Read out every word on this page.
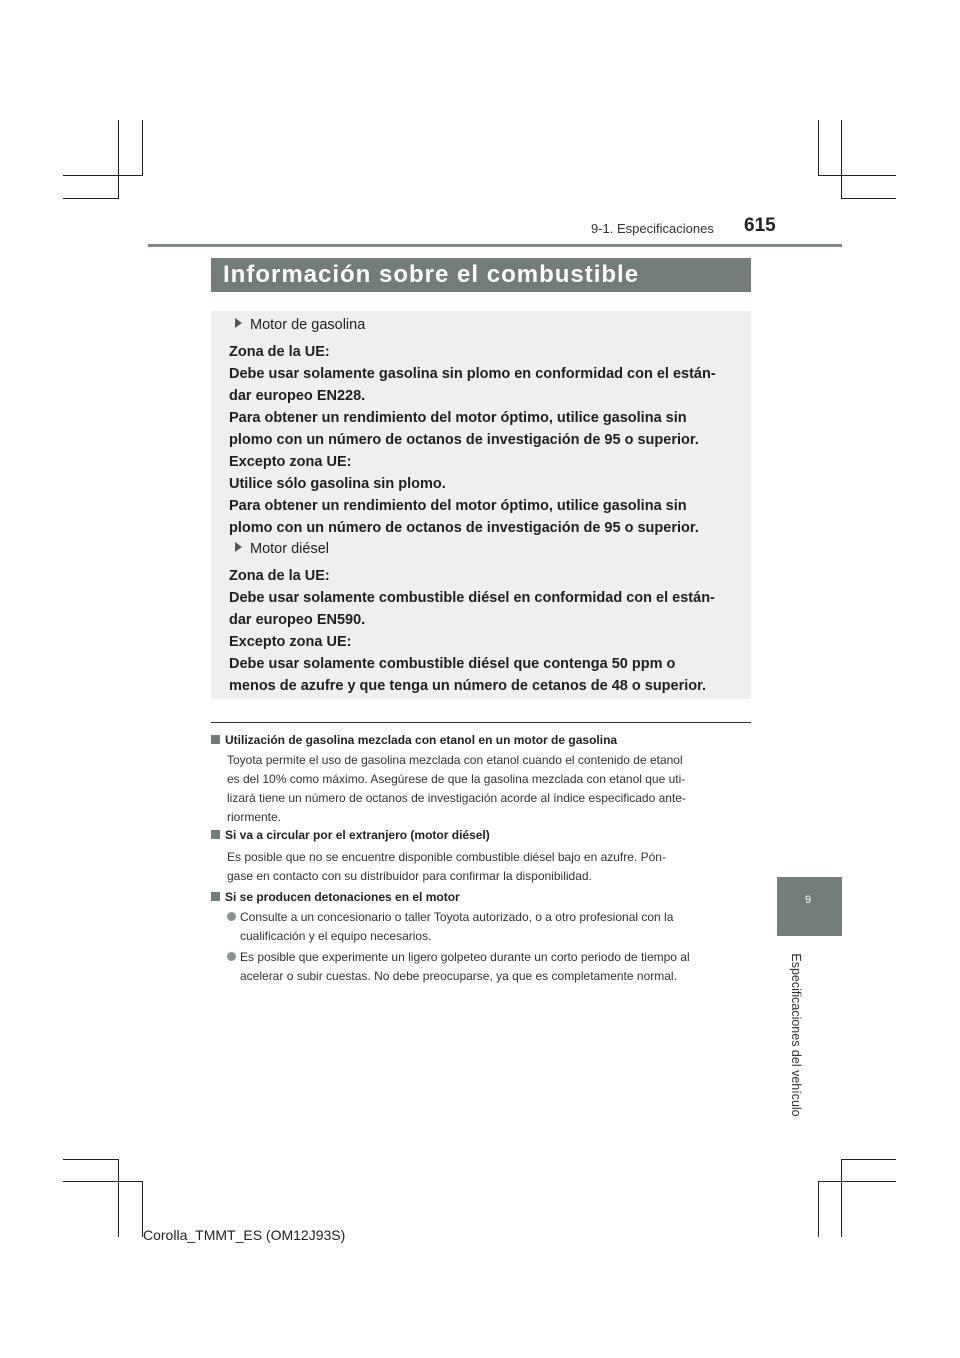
9-1. Especificaciones 615
Información sobre el combustible
Motor de gasolina
Zona de la UE:
Debe usar solamente gasolina sin plomo en conformidad con el están-
dar europeo EN228.
Para obtener un rendimiento del motor óptimo, utilice gasolina sin
plomo con un número de octanos de investigación de 95 o superior.
Excepto zona UE:
Utilice sólo gasolina sin plomo.
Para obtener un rendimiento del motor óptimo, utilice gasolina sin
plomo con un número de octanos de investigación de 95 o superior.
Motor diésel
Zona de la UE:
Debe usar solamente combustible diésel en conformidad con el están-
dar europeo EN590.
Excepto zona UE:
Debe usar solamente combustible diésel que contenga 50 ppm o
menos de azufre y que tenga un número de cetanos de 48 o superior.
Utilización de gasolina mezclada con etanol en un motor de gasolina
Toyota permite el uso de gasolina mezclada con etanol cuando el contenido de etanol
es del 10% como máximo. Asegúrese de que la gasolina mezclada con etanol que uti-
lizará tiene un número de octanos de investigación acorde al índice especificado ante-
riormente.
Si va a circular por el extranjero (motor diésel)
Es posible que no se encuentre disponible combustible diésel bajo en azufre. Pón-
gase en contacto con su distribuidor para confirmar la disponibilidad.
Si se producen detonaciones en el motor
Consulte a un concesionario o taller Toyota autorizado, o a otro profesional con la
cualificación y el equipo necesarios.
Es posible que experimente un ligero golpeteo durante un corto periodo de tiempo al
acelerar o subir cuestas. No debe preocuparse, ya que es completamente normal.
9
Especificaciones del vehículo
Corolla_TMMT_ES (OM12J93S)
